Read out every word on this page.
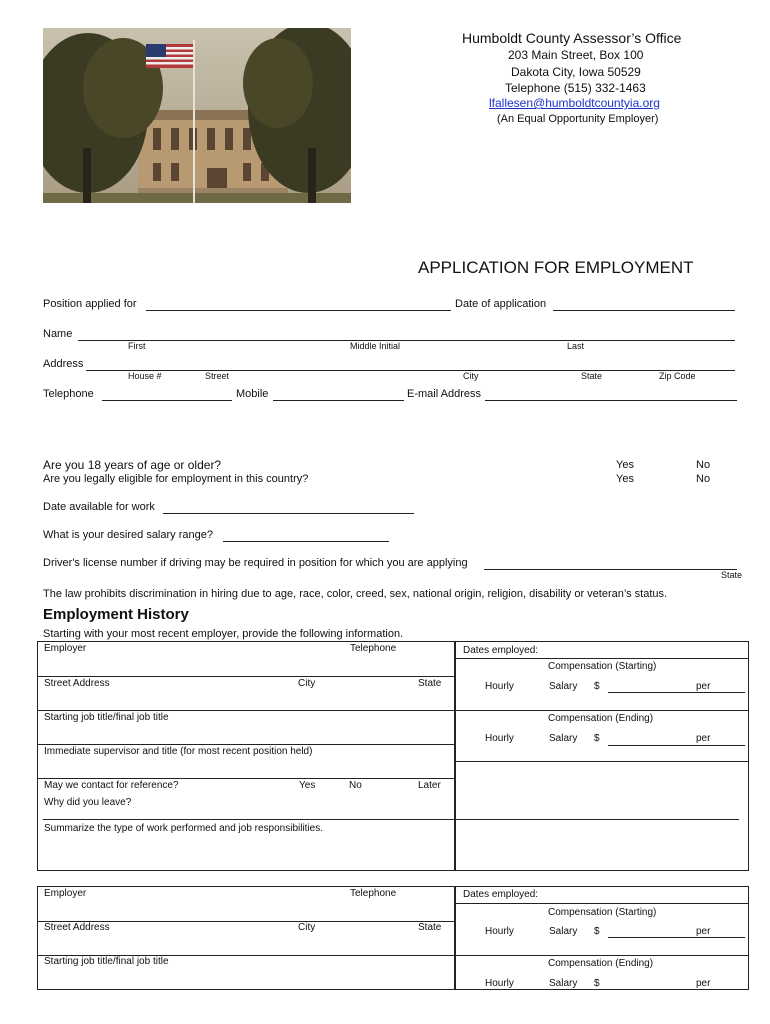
Humboldt County Assessor’s Office
203 Main Street, Box 100
Dakota City, Iowa 50529
Telephone (515) 332-1463
lfallesen@humboldtcountyia.org
(An Equal Opportunity Employer)
APPLICATION FOR EMPLOYMENT
Position applied for	Date of application
Name
First	Middle Initial	Last
Address
House #	Street	City	State	Zip Code
Telephone	Mobile	E-mail Address
Are you 18 years of age or older?
Are you legally eligible for employment in this country?
Yes	No
Yes	No
Date available for work
What is your desired salary range?
Driver's license number if driving may be required in position for which you are applying
State
The law prohibits discrimination in hiring due to age, race, color, creed, sex, national origin, religion, disability or veteran’s status.
Employment History
Starting with your most recent employer, provide the following information.
Employer	Telephone
Street Address	City	State
Starting job title/final job title
Immediate supervisor and title (for most recent position held)
May we contact for reference?	Yes	No	Later
Why did you leave?
Summarize the type of work performed and job responsibilities.
Dates employed:
Compensation (Starting)
Hourly	Salary $	per
Compensation (Ending)
Hourly	Salary $	per
Employer	Telephone
Street Address	City	State
Starting job title/final job title
Dates employed:
Compensation (Starting)
Hourly	Salary $	per
Compensation (Ending)
Hourly	Salary $	per
